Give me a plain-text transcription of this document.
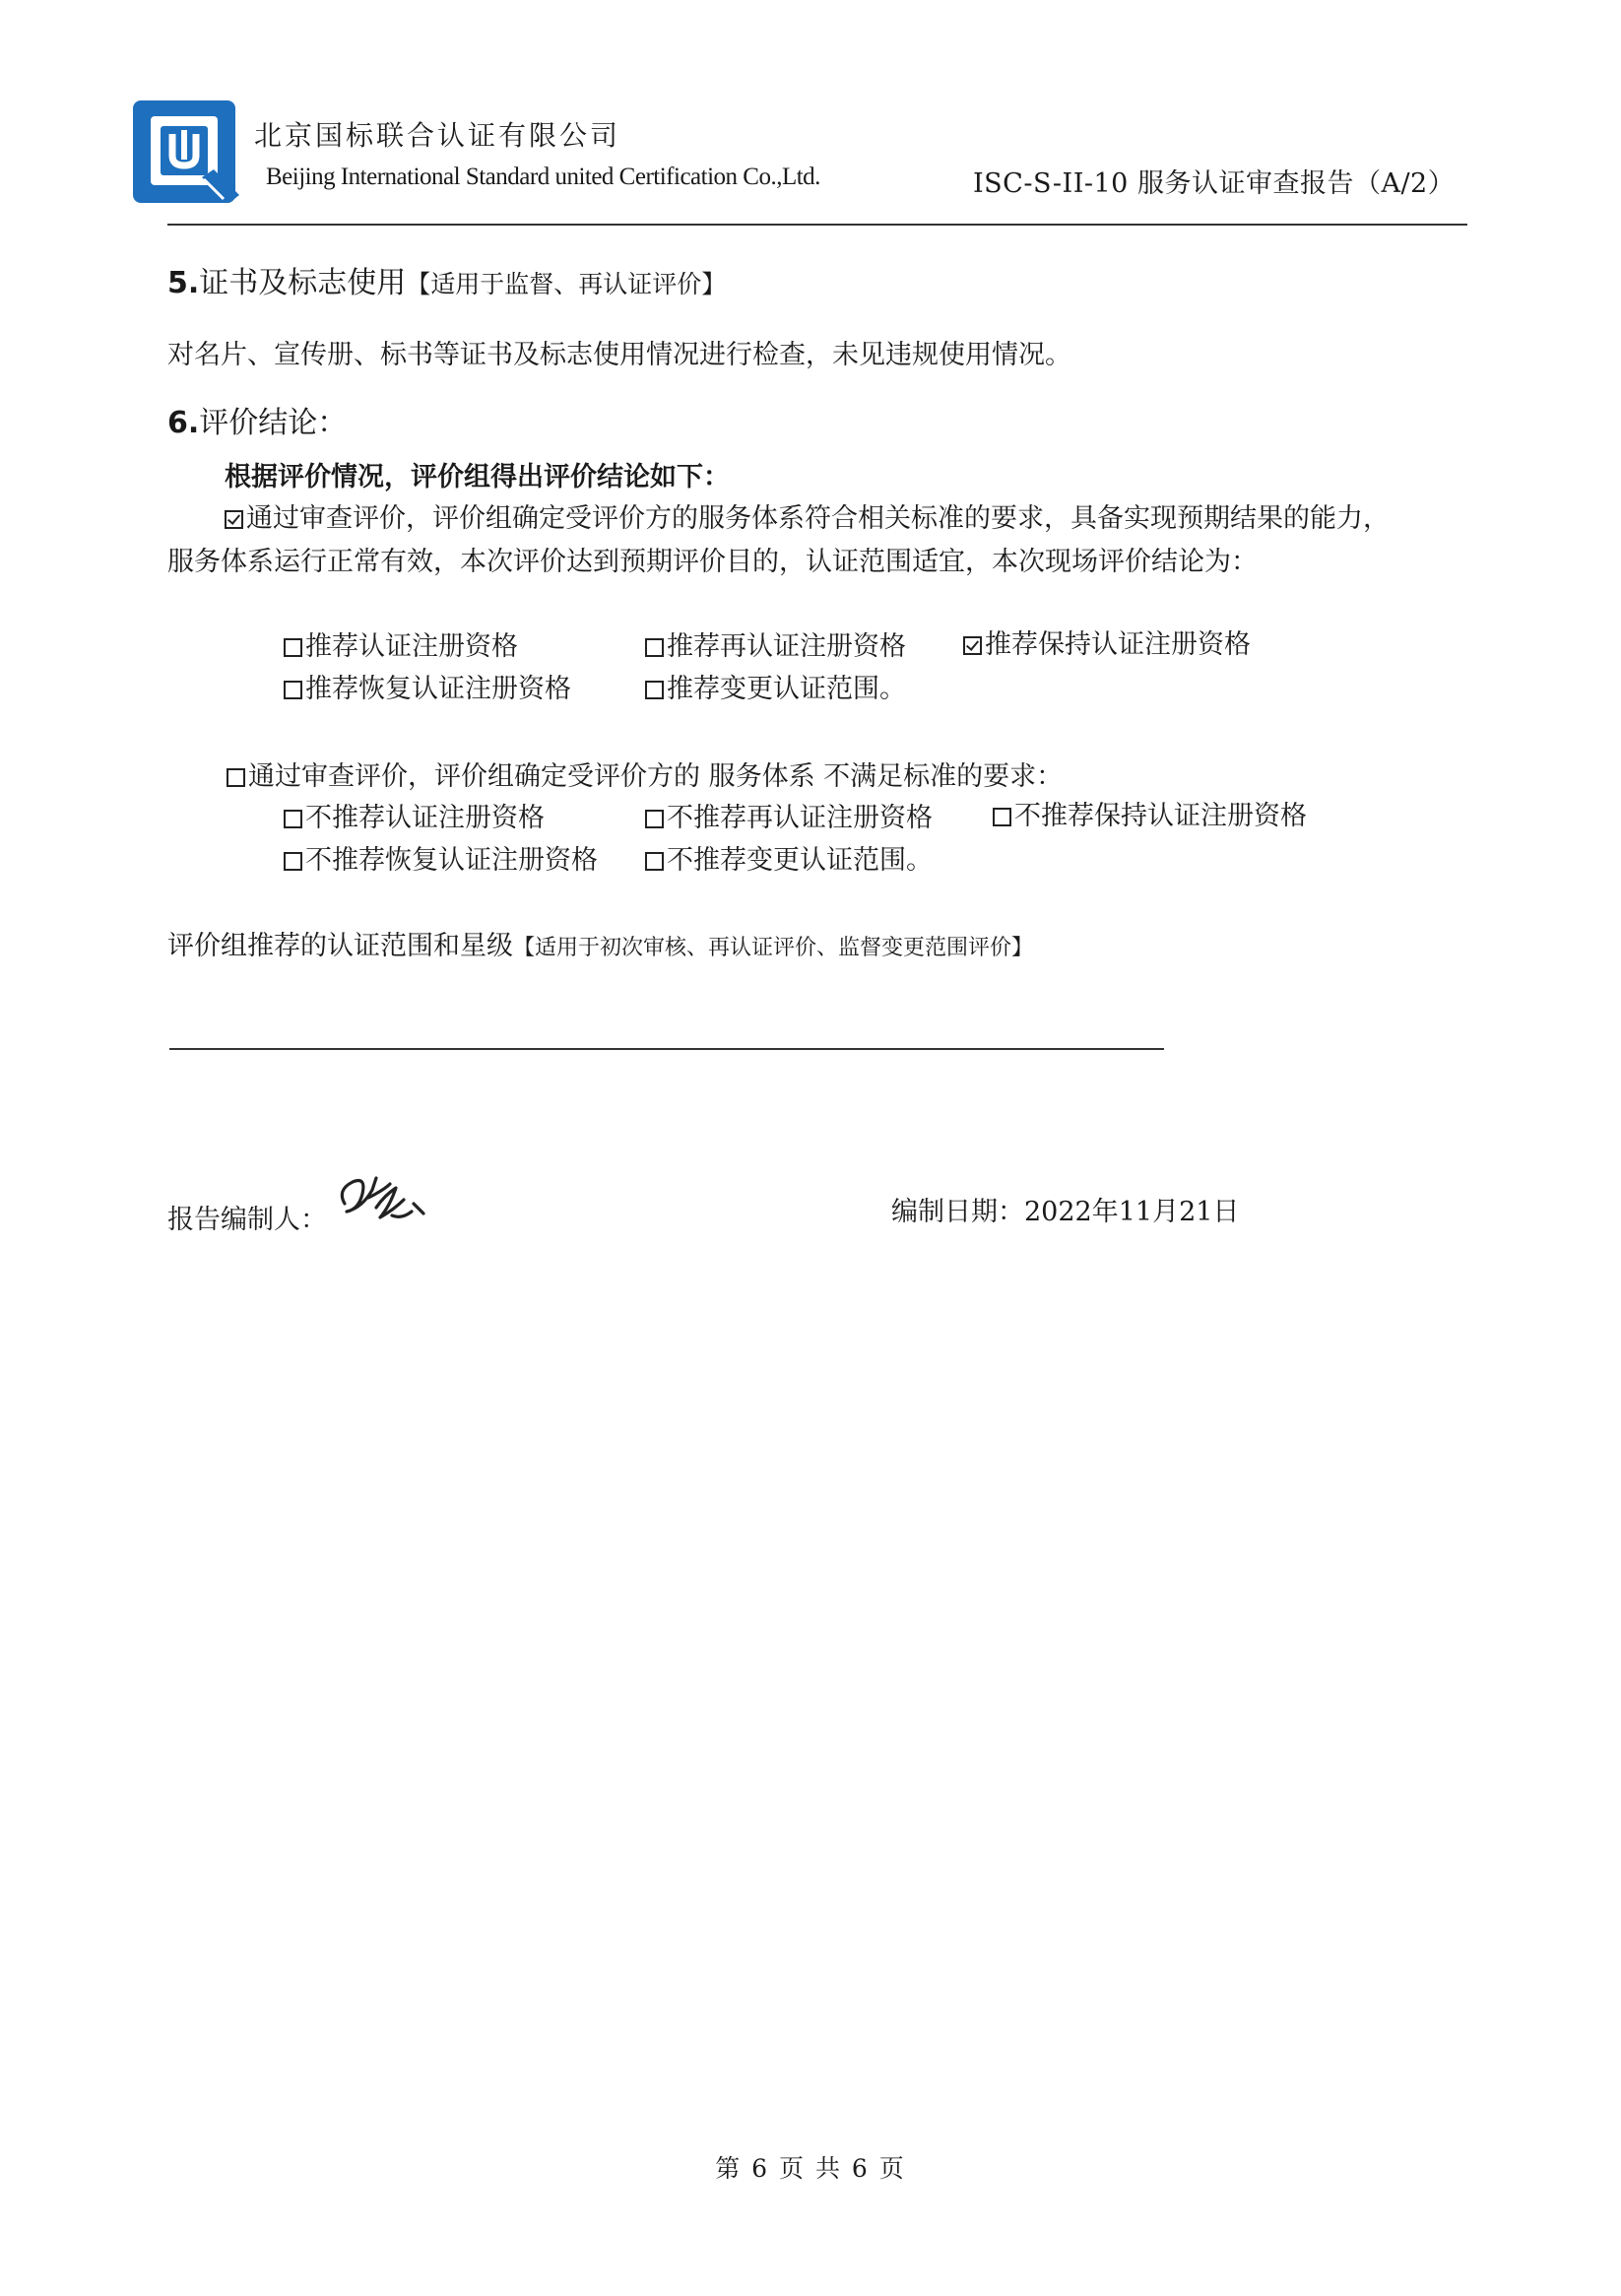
北京国标联合认证有限公司
Beijing International Standard united Certification Co.,Ltd.	ISC-S-II-10 服务认证审查报告（A/2）
5.证书及标志使用【适用于监督、再认证评价】
对名片、宣传册、标书等证书及标志使用情况进行检查，未见违规使用情况。
6.评价结论：
根据评价情况，评价组得出评价结论如下：
通过审查评价，评价组确定受评价方的服务体系符合相关标准的要求，具备实现预期结果的能力，
服务体系运行正常有效，本次评价达到预期评价目的，认证范围适宜，本次现场评价结论为：
推荐认证注册资格	推荐再认证注册资格	推荐保持认证注册资格
推荐恢复认证注册资格	推荐变更认证范围。
通过审查评价，评价组确定受评价方的 服务体系 不满足标准的要求：
不推荐认证注册资格	不推荐再认证注册资格	不推荐保持认证注册资格
不推荐恢复认证注册资格	不推荐变更认证范围。
评价组推荐的认证范围和星级【适用于初次审核、再认证评价、监督变更范围评价】
报告编制人：	编制日期：2022年11月21日
第 6 页 共 6 页
